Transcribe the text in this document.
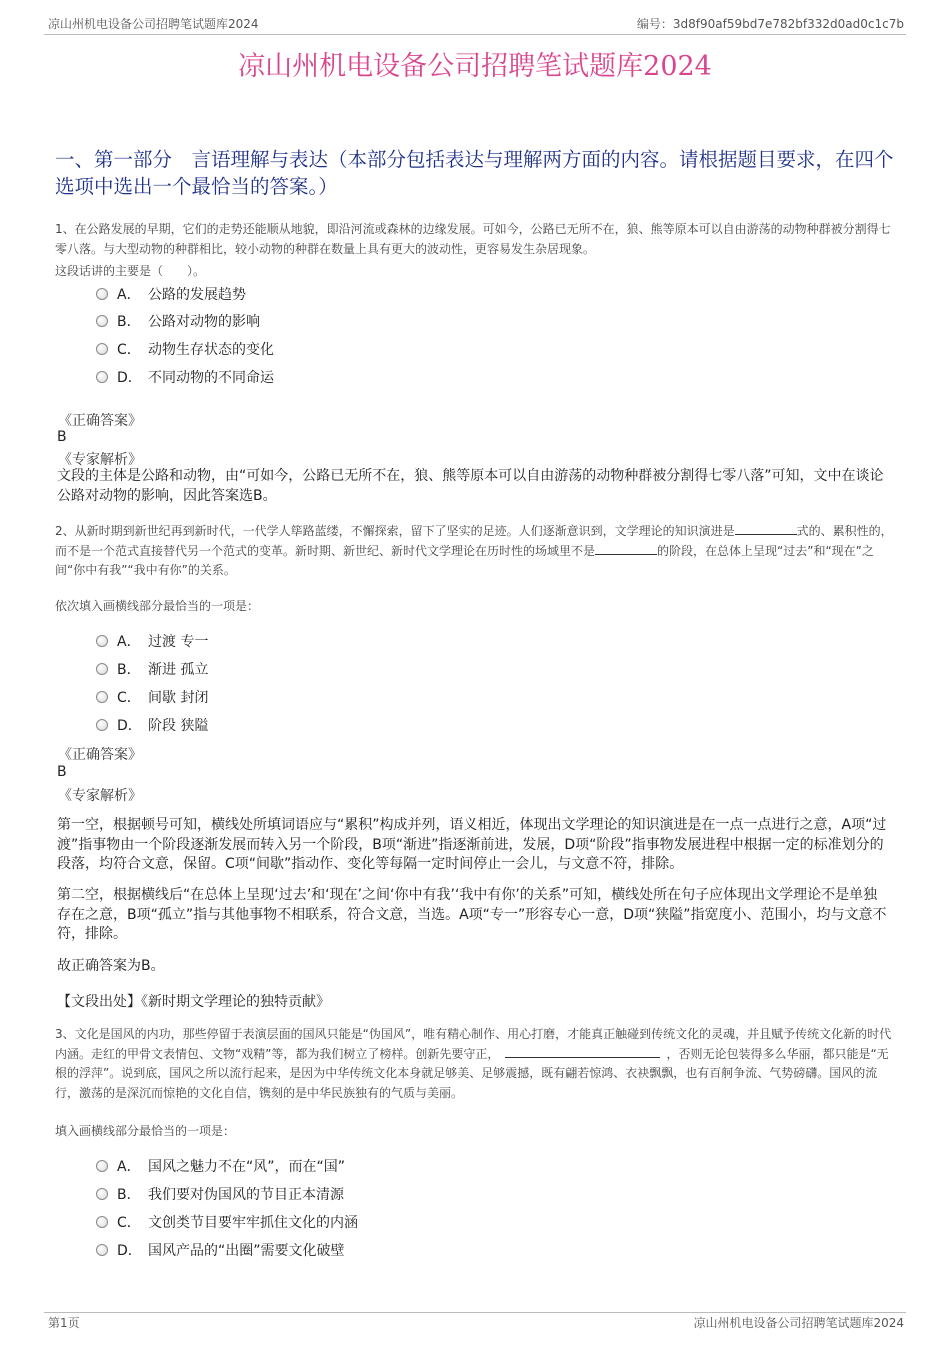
凉山州机电设备公司招聘笔试题库2024	编号：3d8f90af59bd7e782bf332d0ad0c1c7b
凉山州机电设备公司招聘笔试题库2024
一、第一部分　言语理解与表达（本部分包括表达与理解两方面的内容。请根据题目要求，在四个选项中选出一个最恰当的答案。）
1、在公路发展的早期，它们的走势还能顺从地貌，即沿河流或森林的边缘发展。可如今，公路已无所不在，狼、熊等原本可以自由游荡的动物种群被分割得七零八落。与大型动物的种群相比，较小动物的种群在数量上具有更大的波动性，更容易发生杂居现象。
这段话讲的主要是（　　）。
A． 公路的发展趋势
B． 公路对动物的影响
C． 动物生存状态的变化
D． 不同动物的不同命运
《正确答案》
B
《专家解析》
文段的主体是公路和动物，由“可如今，公路已无所不在，狼、熊等原本可以自由游荡的动物种群被分割得七零八落”可知，文中在谈论公路对动物的影响，因此答案选B。
2、从新时期到新世纪再到新时代，一代学人筚路蓝缕，不懈探索，留下了坚实的足迹。人们逐渐意识到，文学理论的知识演进是	式的、累积性的，而不是一个范式直接替代另一个范式的变革。新时期、新世纪、新时代文学理论在历时性的场域里不是	的阶段，在总体上呈现“过去”和“现在”之间“你中有我”“我中有你”的关系。
依次填入画横线部分最恰当的一项是：
A． 过渡 专一
B． 渐进 孤立
C． 间歇 封闭
D． 阶段 狭隘
《正确答案》
B
《专家解析》
第一空，根据顿号可知，横线处所填词语应与“累积”构成并列，语义相近，体现出文学理论的知识演进是在一点一点进行之意，A项“过渡”指事物由一个阶段逐渐发展而转入另一个阶段，B项“渐进”指逐渐前进，发展，D项“阶段”指事物发展进程中根据一定的标准划分的段落，均符合文意，保留。C项“间歇”指动作、变化等每隔一定时间停止一会儿，与文意不符，排除。
第二空，根据横线后“在总体上呈现‘过去’和‘现在’之间‘你中有我’‘我中有你’的关系”可知，横线处所在句子应体现出文学理论不是单独存在之意，B项“孤立”指与其他事物不相联系，符合文意，当选。A项“专一”形容专心一意，D项“狭隘”指宽度小、范围小，均与文意不符，排除。
故正确答案为B。
【文段出处】《新时期文学理论的独特贡献》
3、文化是国风的内功，那些停留于表演层面的国风只能是“伪国风”，唯有精心制作、用心打磨，才能真正触碰到传统文化的灵魂，并且赋予传统文化新的时代内涵。走红的甲骨文表情包、文物“戏精”等，都为我们树立了榜样。创新先要守正，	，否则无论包装得多么华丽，都只能是“无根的浮萍”。说到底，国风之所以流行起来，是因为中华传统文化本身就足够美、足够震撼，既有翩若惊鸿、衣袂飘飘，也有百舸争流、气势磅礴。国风的流行，激荡的是深沉而惊艳的文化自信，镌刻的是中华民族独有的气质与美丽。
填入画横线部分最恰当的一项是：
A． 国风之魅力不在“风”，而在“国”
B． 我们要对伪国风的节目正本清源
C． 文创类节目要牢牢抓住文化的内涵
D． 国风产品的“出圈”需要文化破壁
第1页	凉山州机电设备公司招聘笔试题库2024
